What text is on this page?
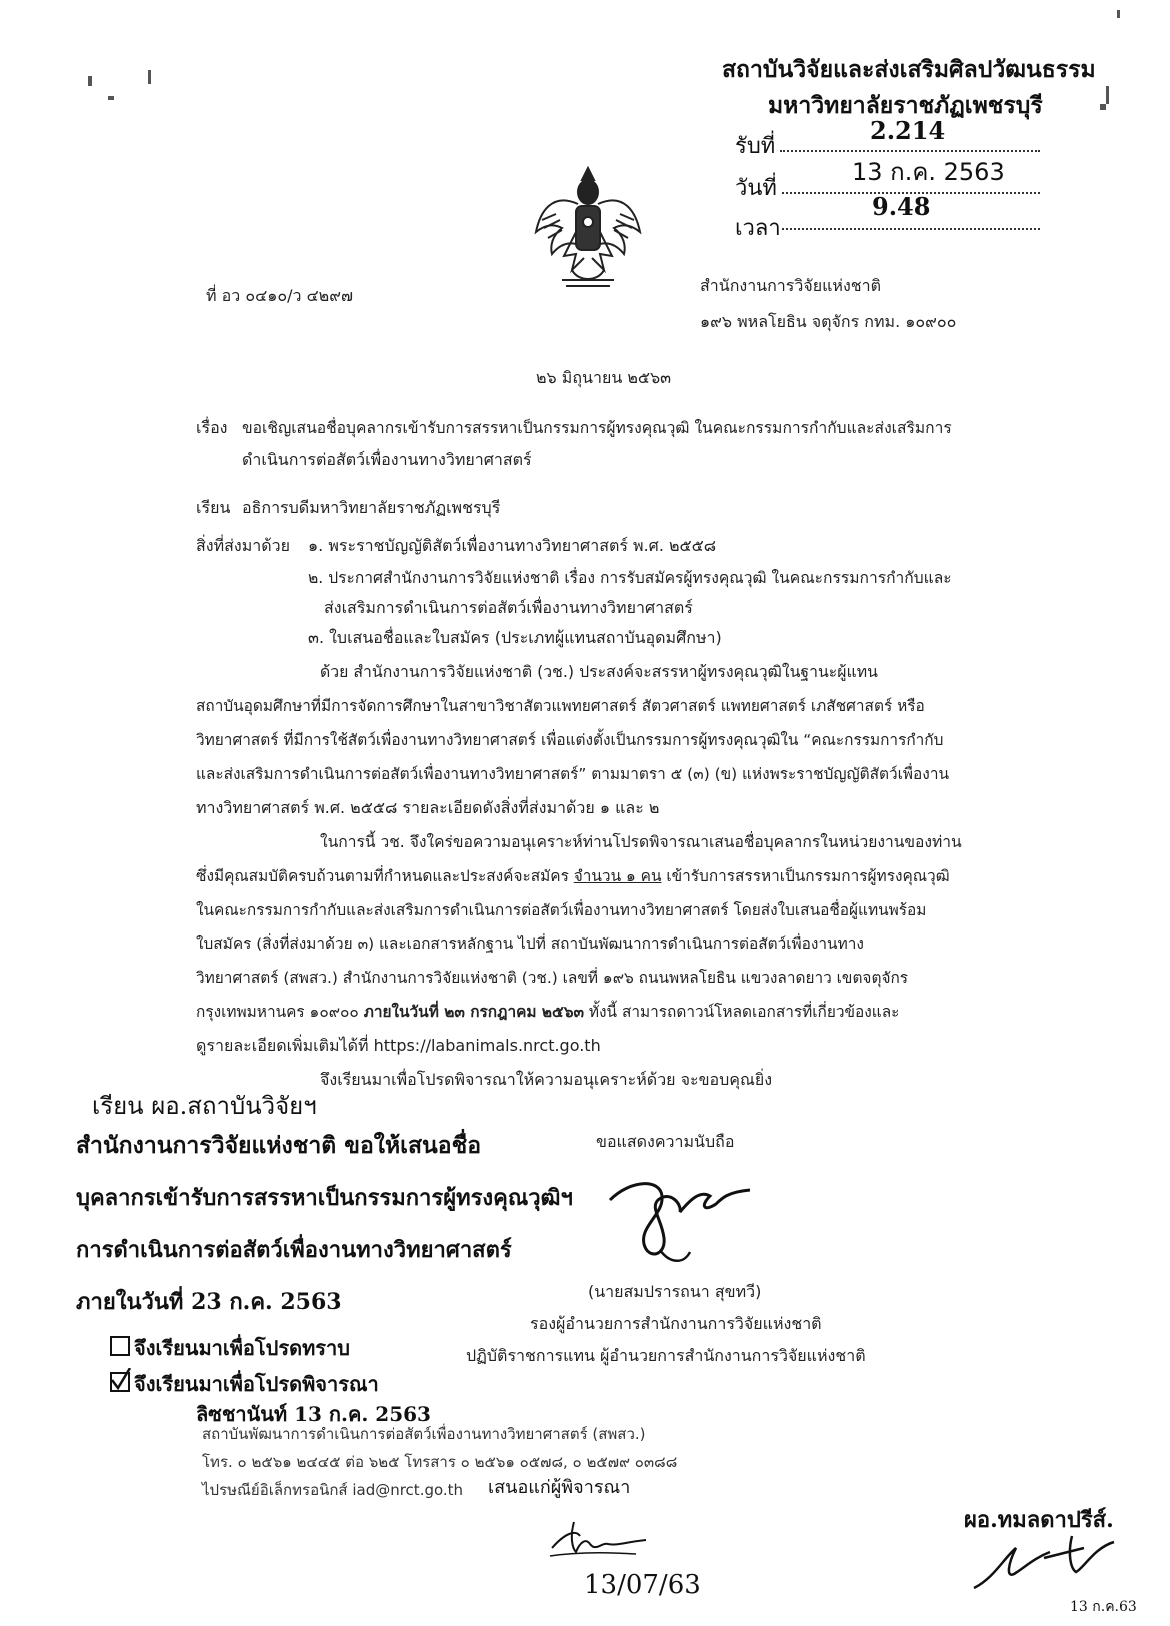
สถาบันวิจัยและส่งเสริมศิลปวัฒนธรรม
มหาวิทยาลัยราชภัฏเพชรบุรี
รับที่
2.214
วันที่
13 ก.ค. 2563
เวลา
9.48
ที่ อว ๐๔๑๐/ว ๔๒๙๗
สำนักงานการวิจัยแห่งชาติ
๑๙๖ พหลโยธิน จตุจักร กทม. ๑๐๙๐๐
๒๖ มิถุนายน ๒๕๖๓
เรื่อง ขอเชิญเสนอชื่อบุคลากรเข้ารับการสรรหาเป็นกรรมการผู้ทรงคุณวุฒิ ในคณะกรรมการกำกับและส่งเสริมการ
ดำเนินการต่อสัตว์เพื่องานทางวิทยาศาสตร์
เรียน อธิการบดีมหาวิทยาลัยราชภัฏเพชรบุรี
สิ่งที่ส่งมาด้วย ๑. พระราชบัญญัติสัตว์เพื่องานทางวิทยาศาสตร์ พ.ศ. ๒๕๕๘
๒. ประกาศสำนักงานการวิจัยแห่งชาติ เรื่อง การรับสมัครผู้ทรงคุณวุฒิ ในคณะกรรมการกำกับและ
ส่งเสริมการดำเนินการต่อสัตว์เพื่องานทางวิทยาศาสตร์
๓. ใบเสนอชื่อและใบสมัคร (ประเภทผู้แทนสถาบันอุดมศึกษา)
ด้วย สำนักงานการวิจัยแห่งชาติ (วช.) ประสงค์จะสรรหาผู้ทรงคุณวุฒิในฐานะผู้แทน
สถาบันอุดมศึกษาที่มีการจัดการศึกษาในสาขาวิชาสัตวแพทยศาสตร์ สัตวศาสตร์ แพทยศาสตร์ เภสัชศาสตร์ หรือ
วิทยาศาสตร์ ที่มีการใช้สัตว์เพื่องานทางวิทยาศาสตร์ เพื่อแต่งตั้งเป็นกรรมการผู้ทรงคุณวุฒิใน “คณะกรรมการกำกับ
และส่งเสริมการดำเนินการต่อสัตว์เพื่องานทางวิทยาศาสตร์” ตามมาตรา ๕ (๓) (ข) แห่งพระราชบัญญัติสัตว์เพื่องาน
ทางวิทยาศาสตร์ พ.ศ. ๒๕๕๘ รายละเอียดดังสิ่งที่ส่งมาด้วย ๑ และ ๒
ในการนี้ วช. จึงใคร่ขอความอนุเคราะห์ท่านโปรดพิจารณาเสนอชื่อบุคลากรในหน่วยงานของท่าน
ซึ่งมีคุณสมบัติครบถ้วนตามที่กำหนดและประสงค์จะสมัคร จำนวน ๑ คน เข้ารับการสรรหาเป็นกรรมการผู้ทรงคุณวุฒิ
ในคณะกรรมการกำกับและส่งเสริมการดำเนินการต่อสัตว์เพื่องานทางวิทยาศาสตร์ โดยส่งใบเสนอชื่อผู้แทนพร้อม
ใบสมัคร (สิ่งที่ส่งมาด้วย ๓) และเอกสารหลักฐาน ไปที่ สถาบันพัฒนาการดำเนินการต่อสัตว์เพื่องานทาง
วิทยาศาสตร์ (สพสว.) สำนักงานการวิจัยแห่งชาติ (วช.) เลขที่ ๑๙๖ ถนนพหลโยธิน แขวงลาดยาว เขตจตุจักร
กรุงเทพมหานคร ๑๐๙๐๐ ภายในวันที่ ๒๓ กรกฎาคม ๒๕๖๓ ทั้งนี้ สามารถดาวน์โหลดเอกสารที่เกี่ยวข้องและ
ดูรายละเอียดเพิ่มเติมได้ที่ https://labanimals.nrct.go.th
จึงเรียนมาเพื่อโปรดพิจารณาให้ความอนุเคราะห์ด้วย จะขอบคุณยิ่ง
เรียน ผอ.สถาบันวิจัยฯ
สำนักงานการวิจัยแห่งชาติ ขอให้เสนอชื่อ
บุคลากรเข้ารับการสรรหาเป็นกรรมการผู้ทรงคุณวุฒิฯ
การดำเนินการต่อสัตว์เพื่องานทางวิทยาศาสตร์
ภายในวันที่ 23 ก.ค. 2563
ขอแสดงความนับถือ
(นายสมปรารถนา สุขทวี)
รองผู้อำนวยการสำนักงานการวิจัยแห่งชาติ
ปฏิบัติราชการแทน ผู้อำนวยการสำนักงานการวิจัยแห่งชาติ
จึงเรียนมาเพื่อโปรดทราบ
จึงเรียนมาเพื่อโปรดพิจารณา
ลิซชานันท์ 13 ก.ค. 2563
สถาบันพัฒนาการดำเนินการต่อสัตว์เพื่องานทางวิทยาศาสตร์ (สพสว.)
โทร. ๐ ๒๕๖๑ ๒๔๔๕ ต่อ ๖๒๕ โทรสาร ๐ ๒๕๖๑ ๐๕๗๘, ๐ ๒๕๗๙ ๐๓๘๘
ไปรษณีย์อิเล็กทรอนิกส์ iad@nrct.go.th เสนอแก่ผู้พิจารณา
13/07/63
ผอ.ทมลดาปรีส์.
13 ก.ค.63
